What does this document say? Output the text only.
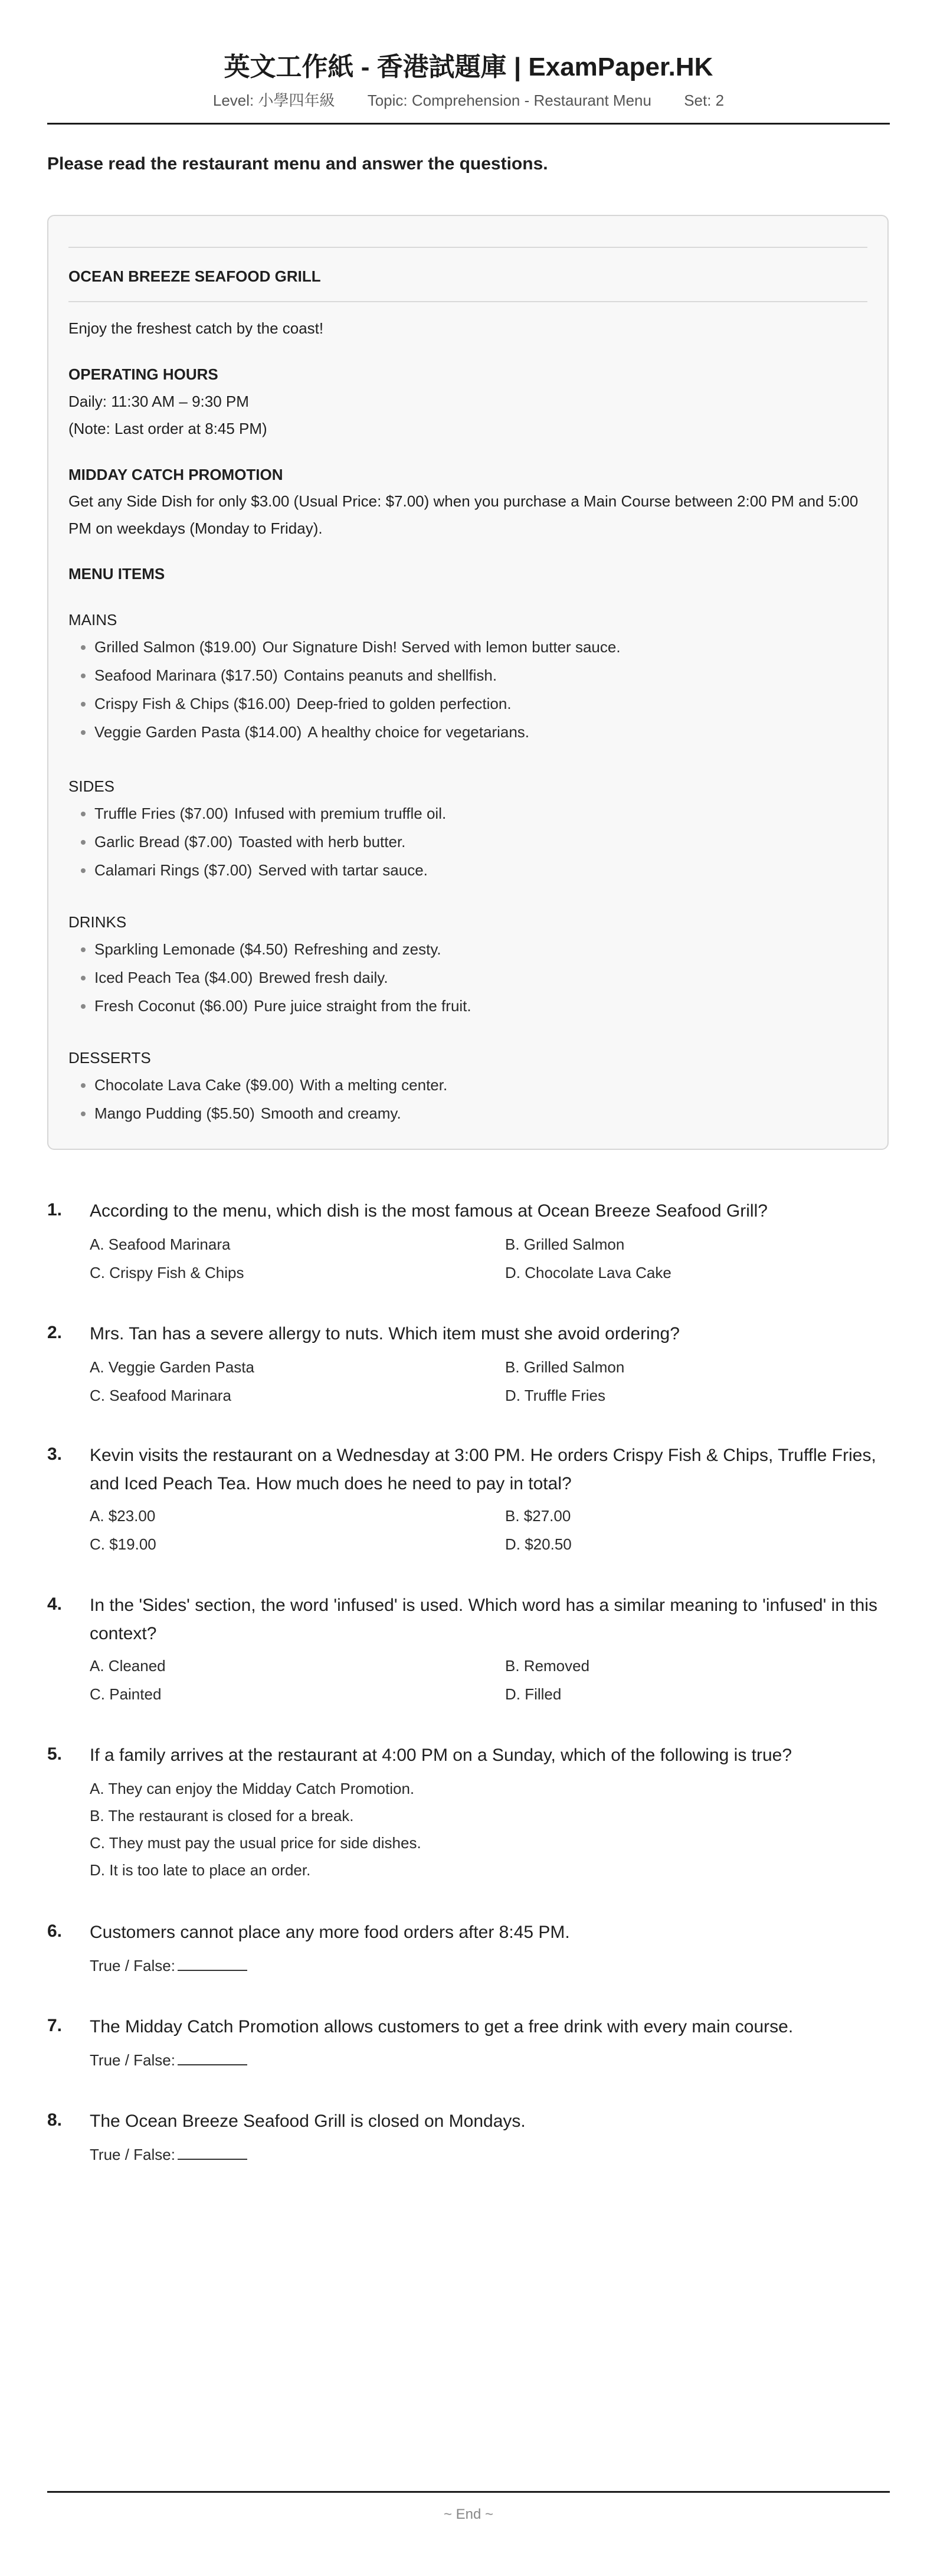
英文工作紙 - 香港試題庫 | ExamPaper.HK
Level: 小學四年級 Topic: Comprehension - Restaurant Menu Set: 2
Please read the restaurant menu and answer the questions.
OCEAN BREEZE SEAFOOD GRILL
Enjoy the freshest catch by the coast!
OPERATING HOURS
Daily: 11:30 AM – 9:30 PM
(Note: Last order at 8:45 PM)
MIDDAY CATCH PROMOTION
Get any Side Dish for only $3.00 (Usual Price: $7.00) when you purchase a Main Course between 2:00 PM and 5:00 PM on weekdays (Monday to Friday).
MENU ITEMS
MAINS
• Grilled Salmon ($19.00) Our Signature Dish! Served with lemon butter sauce.
• Seafood Marinara ($17.50) Contains peanuts and shellfish.
• Crispy Fish & Chips ($16.00) Deep-fried to golden perfection.
• Veggie Garden Pasta ($14.00) A healthy choice for vegetarians.
SIDES
• Truffle Fries ($7.00) Infused with premium truffle oil.
• Garlic Bread ($7.00) Toasted with herb butter.
• Calamari Rings ($7.00) Served with tartar sauce.
DRINKS
• Sparkling Lemonade ($4.50) Refreshing and zesty.
• Iced Peach Tea ($4.00) Brewed fresh daily.
• Fresh Coconut ($6.00) Pure juice straight from the fruit.
DESSERTS
• Chocolate Lava Cake ($9.00) With a melting center.
• Mango Pudding ($5.50) Smooth and creamy.
1. According to the menu, which dish is the most famous at Ocean Breeze Seafood Grill?
A. Seafood Marinara	B. Grilled Salmon
C. Crispy Fish & Chips	D. Chocolate Lava Cake
2. Mrs. Tan has a severe allergy to nuts. Which item must she avoid ordering?
A. Veggie Garden Pasta	B. Grilled Salmon
C. Seafood Marinara	D. Truffle Fries
3. Kevin visits the restaurant on a Wednesday at 3:00 PM. He orders Crispy Fish & Chips, Truffle Fries, and Iced Peach Tea. How much does he need to pay in total?
A. $23.00	B. $27.00
C. $19.00	D. $20.50
4. In the 'Sides' section, the word 'infused' is used. Which word has a similar meaning to 'infused' in this context?
A. Cleaned	B. Removed
C. Painted	D. Filled
5. If a family arrives at the restaurant at 4:00 PM on a Sunday, which of the following is true?
A. They can enjoy the Midday Catch Promotion.
B. The restaurant is closed for a break.
C. They must pay the usual price for side dishes.
D. It is too late to place an order.
6. Customers cannot place any more food orders after 8:45 PM.
True / False:
7. The Midday Catch Promotion allows customers to get a free drink with every main course.
True / False:
8. The Ocean Breeze Seafood Grill is closed on Mondays.
True / False:
~ End ~
